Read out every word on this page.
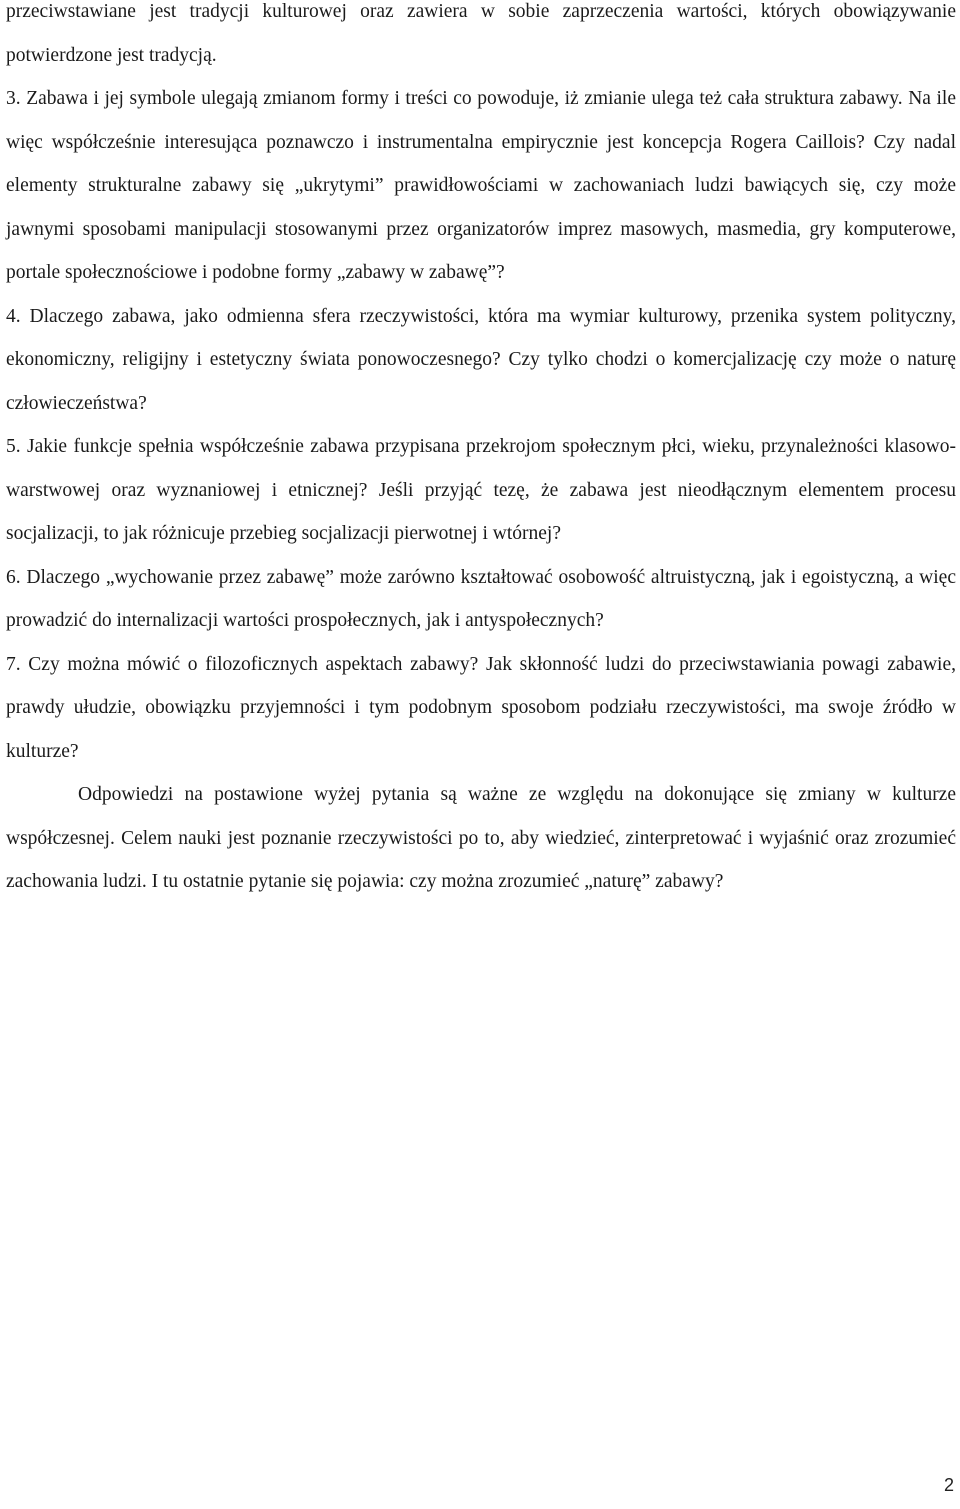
przeciwstawiane jest tradycji kulturowej oraz zawiera w sobie zaprzeczenia wartości, których obowiązywanie potwierdzone jest tradycją.

3. Zabawa i jej symbole ulegają zmianom formy i treści co powoduje, iż zmianie ulega też cała struktura zabawy. Na ile więc współcześnie interesująca poznawczo i instrumentalna empirycznie jest koncepcja Rogera Caillois? Czy nadal elementy strukturalne zabawy się „ukrytymi” prawidłowościami w zachowaniach ludzi bawiących się, czy może jawnymi sposobami manipulacji stosowanymi przez organizatorów imprez masowych, masmedia, gry komputerowe, portale społecznościowe i podobne formy „zabawy w zabawę”?

4. Dlaczego zabawa, jako odmienna sfera rzeczywistości, która ma wymiar kulturowy, przenika system polityczny, ekonomiczny, religijny i estetyczny świata ponowoczesnego? Czy tylko chodzi o komercjalizację czy może o naturę człowieczeństwa?

5. Jakie funkcje spełnia współcześnie zabawa przypisana przekrojom społecznym płci, wieku, przynależności klasowo-warstwowej oraz wyznaniowej i etnicznej? Jeśli przyjąć tezę, że zabawa jest nieodłącznym elementem procesu socjalizacji, to jak różnicuje przebieg socjalizacji pierwotnej i wtórnej?

6. Dlaczego „wychowanie przez zabawę” może zarówno kształtować osobowość altruistyczną, jak i egoistyczną, a więc prowadzić do internalizacji wartości prospołecznych, jak i antyspołecznych?

7. Czy można mówić o filozoficznych aspektach zabawy? Jak skłonność ludzi do przeciwstawiania powagi zabawie, prawdy ułudzie, obowiązku przyjemności i tym podobnym sposobom podziału rzeczywistości, ma swoje źródło w kulturze?

Odpowiedzi na postawione wyżej pytania są ważne ze względu na dokonujące się zmiany w kulturze współczesnej. Celem nauki jest poznanie rzeczywistości po to, aby wiedzieć, zinterpretować i wyjaśnić oraz zrozumieć zachowania ludzi. I tu ostatnie pytanie się pojawia: czy można zrozumieć „naturę” zabawy?

2
